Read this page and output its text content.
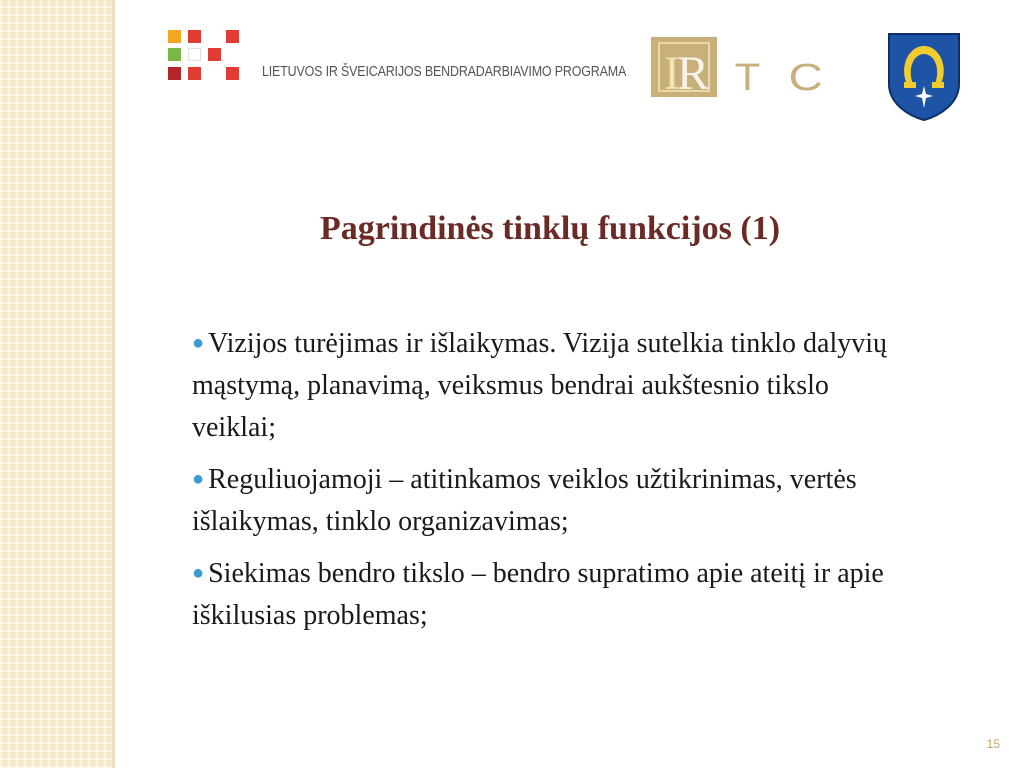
LIETUVOS IR ŠVEICARIJOS BENDRADARBIAVIMO PROGRAMA I
R T C
Pagrindinės tinklų funkcijos (1)
● Vizijos turėjimas ir išlaikymas. Vizija sutelkia tinklo dalyvių mąstymą, planavimą, veiksmus bendrai aukštesnio tikslo veiklai;
● Reguliuojamoji – atitinkamos veiklos užtikrinimas, vertės išlaikymas, tinklo organizavimas;
● Siekimas bendro tikslo – bendro supratimo apie ateitį ir apie iškilusias problemas;
15
